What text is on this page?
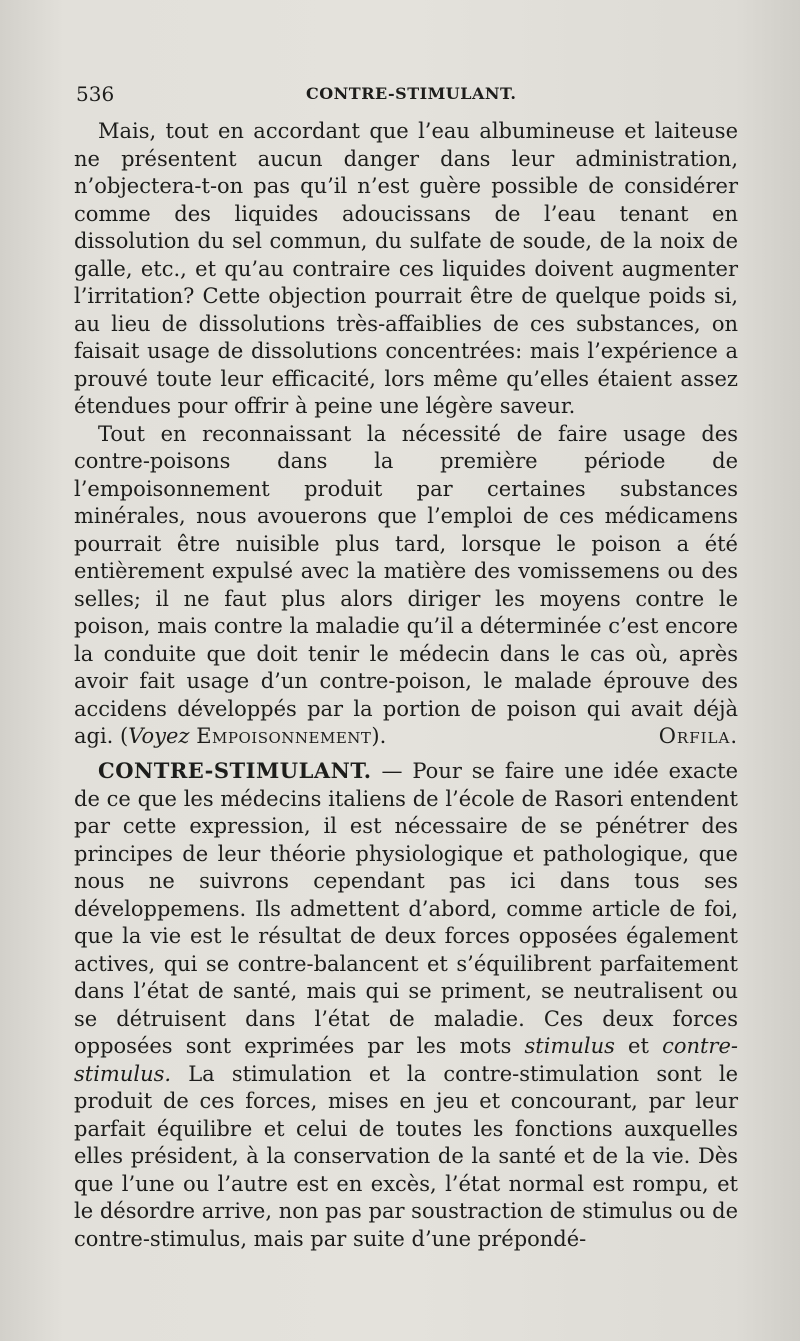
536	CONTRE-STIMULANT.

Mais, tout en accordant que l’eau albumineuse et laiteuse ne présentent aucun danger dans leur administration, n’objectera-t-on pas qu’il n’est guère possible de considérer comme des liquides adoucissans de l’eau tenant en dissolution du sel commun, du sulfate de soude, de la noix de galle, etc., et qu’au contraire ces liquides doivent augmenter l’irritation? Cette objection pourrait être de quelque poids si, au lieu de dissolutions très-affaiblies de ces substances, on faisait usage de dissolutions concentrées: mais l’expérience a prouvé toute leur efficacité, lors même qu’elles étaient assez étendues pour offrir à peine une légère saveur.

Tout en reconnaissant la nécessité de faire usage des contre-poisons dans la première période de l’empoisonnement produit par certaines substances minérales, nous avouerons que l’emploi de ces médicamens pourrait être nuisible plus tard, lorsque le poison a été entièrement expulsé avec la matière des vomissemens ou des selles; il ne faut plus alors diriger les moyens contre le poison, mais contre la maladie qu’il a déterminée c’est encore la conduite que doit tenir le médecin dans le cas où, après avoir fait usage d’un contre-poison, le malade éprouve des accidens développés par la portion de poison qui avait déjà agi. (Voyez Empoisonnement).	Orfila.

CONTRE-STIMULANT. — Pour se faire une idée exacte de ce que les médecins italiens de l’école de Rasori entendent par cette expression, il est nécessaire de se pénétrer des principes de leur théorie physiologique et pathologique, que nous ne suivrons cependant pas ici dans tous ses développemens. Ils admettent d’abord, comme article de foi, que la vie est le résultat de deux forces opposées également actives, qui se contre-balancent et s’équilibrent parfaitement dans l’état de santé, mais qui se priment, se neutralisent ou se détruisent dans l’état de maladie. Ces deux forces opposées sont exprimées par les mots stimulus et contre-stimulus. La stimulation et la contre-stimulation sont le produit de ces forces, mises en jeu et concourant, par leur parfait équilibre et celui de toutes les fonctions auxquelles elles président, à la conservation de la santé et de la vie. Dès que l’une ou l’autre est en excès, l’état normal est rompu, et le désordre arrive, non pas par soustraction de stimulus ou de contre-stimulus, mais par suite d’une prépondé-
